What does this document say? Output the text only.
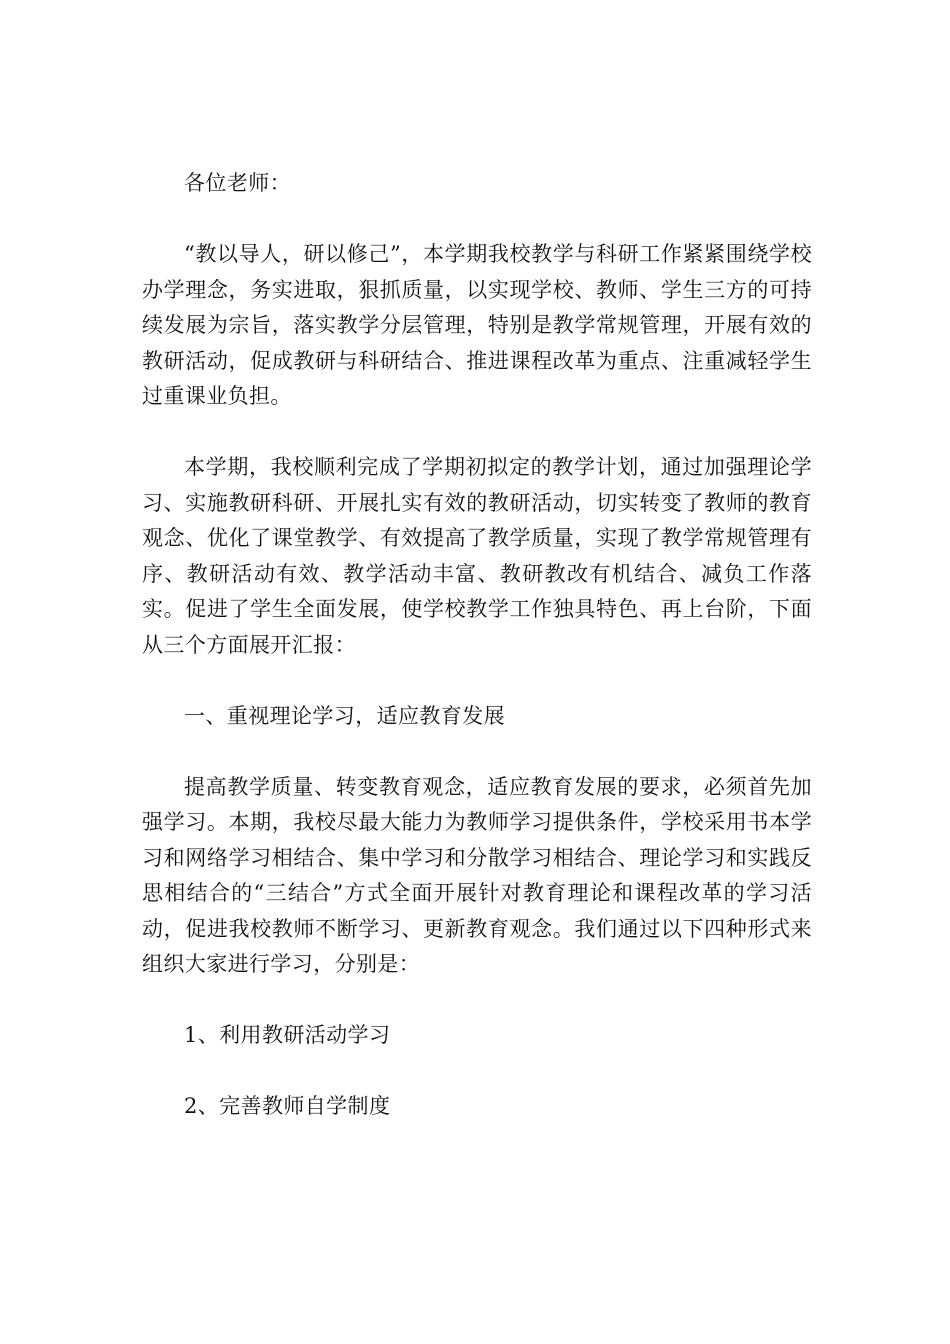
各位老师：

“教以导人，研以修己”，本学期我校教学与科研工作紧紧围绕学校办学理念，务实进取，狠抓质量，以实现学校、教师、学生三方的可持续发展为宗旨，落实教学分层管理，特别是教学常规管理，开展有效的教研活动，促成教研与科研结合、推进课程改革为重点、注重减轻学生过重课业负担。

本学期，我校顺利完成了学期初拟定的教学计划，通过加强理论学习、实施教研科研、开展扎实有效的教研活动，切实转变了教师的教育观念、优化了课堂教学、有效提高了教学质量，实现了教学常规管理有序、教研活动有效、教学活动丰富、教研教改有机结合、减负工作落实。促进了学生全面发展，使学校教学工作独具特色、再上台阶，下面从三个方面展开汇报：

一、重视理论学习，适应教育发展

提高教学质量、转变教育观念，适应教育发展的要求，必须首先加强学习。本期，我校尽最大能力为教师学习提供条件，学校采用书本学习和网络学习相结合、集中学习和分散学习相结合、理论学习和实践反思相结合的“三结合”方式全面开展针对教育理论和课程改革的学习活动，促进我校教师不断学习、更新教育观念。我们通过以下四种形式来组织大家进行学习，分别是：

1、利用教研活动学习

2、完善教师自学制度
